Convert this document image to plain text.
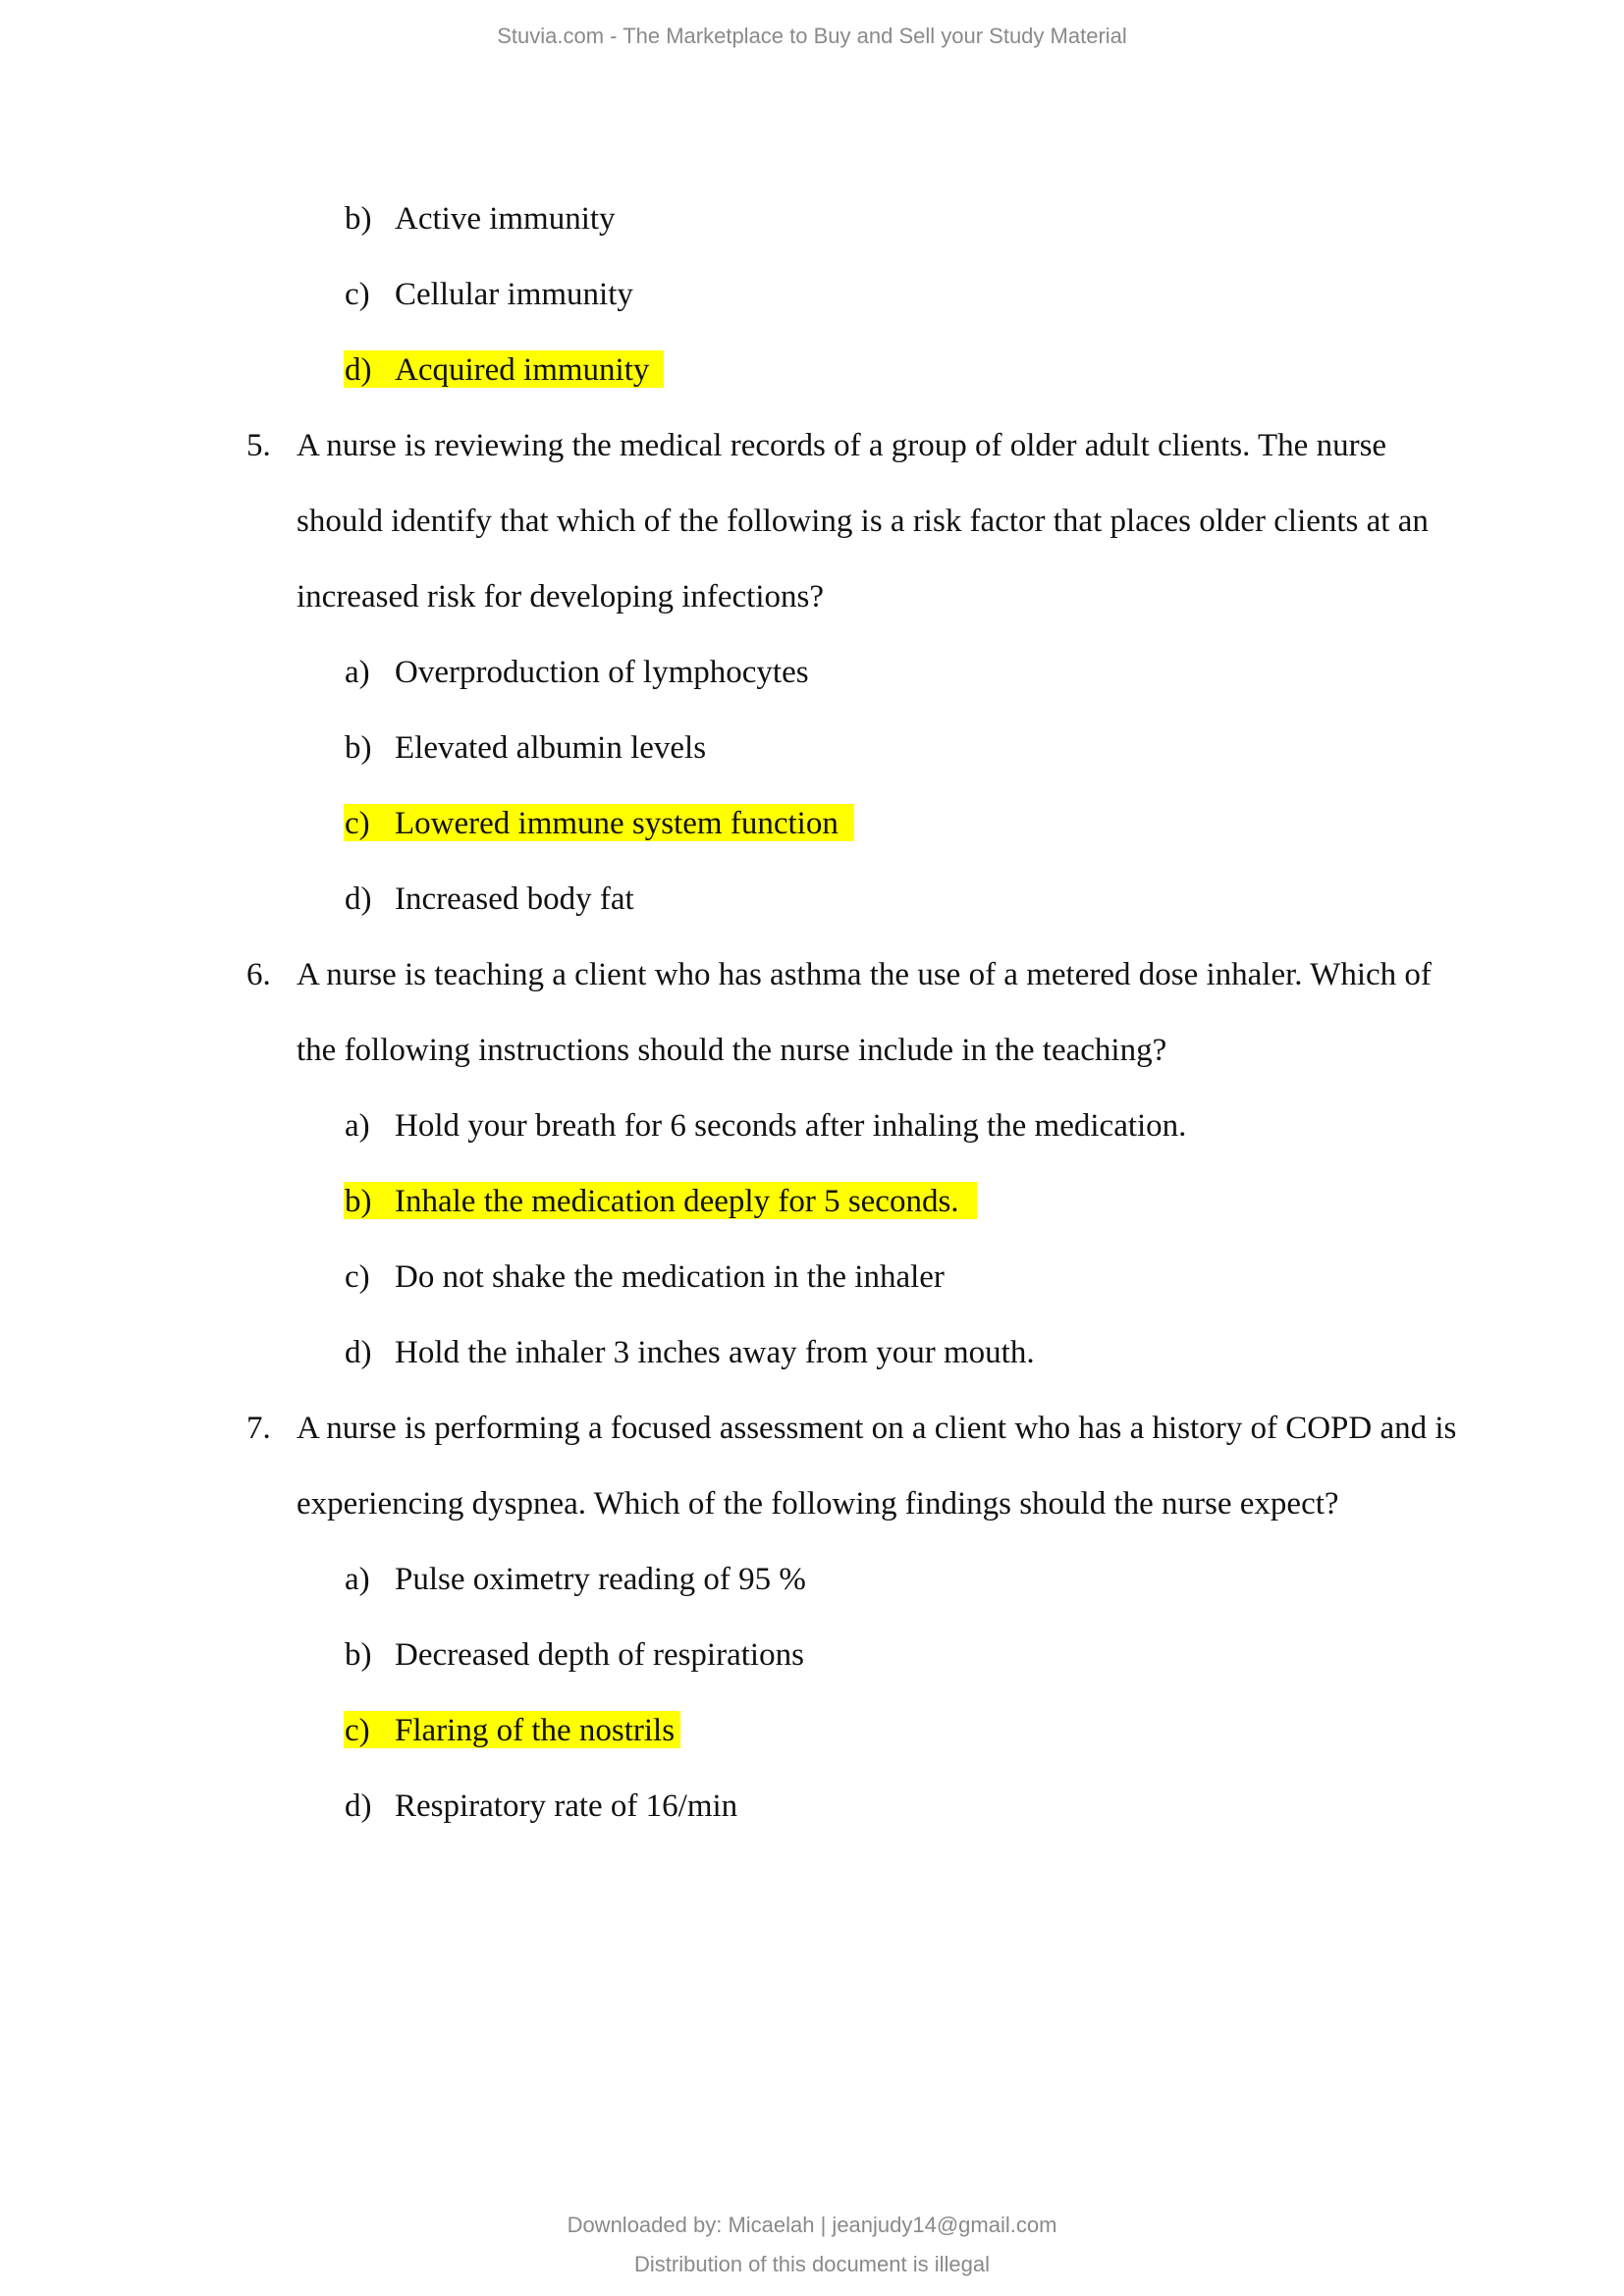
Stuvia.com - The Marketplace to Buy and Sell your Study Material
b) Active immunity
c) Cellular immunity
d) Acquired immunity
5. A nurse is reviewing the medical records of a group of older adult clients. The nurse
should identify that which of the following is a risk factor that places older clients at an
increased risk for developing infections?
a) Overproduction of lymphocytes
b) Elevated albumin levels
c) Lowered immune system function
d) Increased body fat
6. A nurse is teaching a client who has asthma the use of a metered dose inhaler. Which of
the following instructions should the nurse include in the teaching?
a) Hold your breath for 6 seconds after inhaling the medication.
b) Inhale the medication deeply for 5 seconds.
c) Do not shake the medication in the inhaler
d) Hold the inhaler 3 inches away from your mouth.
7. A nurse is performing a focused assessment on a client who has a history of COPD and is
experiencing dyspnea. Which of the following findings should the nurse expect?
a) Pulse oximetry reading of 95 %
b) Decreased depth of respirations
c) Flaring of the nostrils
d) Respiratory rate of 16/min
Downloaded by: Micaelah | jeanjudy14@gmail.com
Distribution of this document is illegal
